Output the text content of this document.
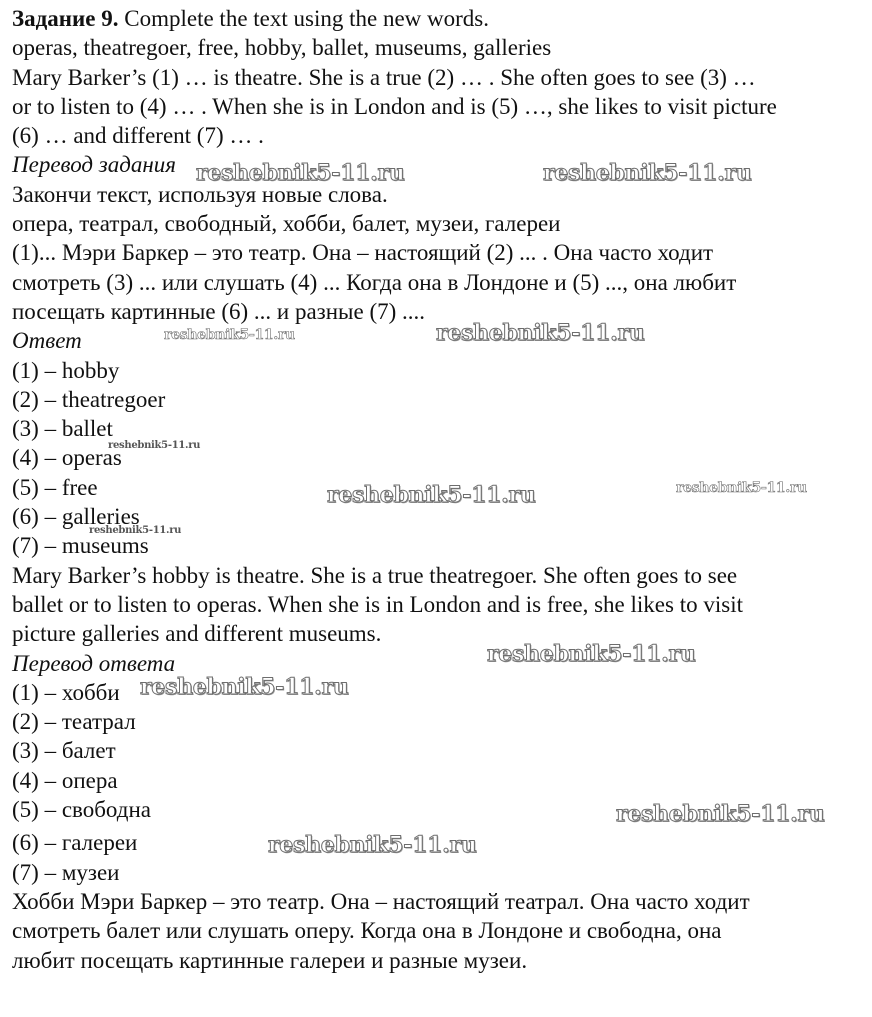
Задание 9. Complete the text using the new words.
operas, theatregoer, free, hobby, ballet, museums, galleries
Mary Barker’s (1) … is theatre. She is a true (2) … . She often goes to see (3) …
or to listen to (4) … . When she is in London and is (5) …, she likes to visit picture
(6) … and different (7) … .
Перевод задания
Закончи текст, используя новые слова.
опера, театрал, свободный, хобби, балет, музеи, галереи
(1)... Мэри Баркер – это театр. Она – настоящий (2) ... . Она часто ходит
смотреть (3) ... или слушать (4) ... Когда она в Лондоне и (5) ..., она любит
посещать картинные (6) ... и разные (7) ....
Ответ
(1) – hobby
(2) – theatregoer
(3) – ballet
(4) – operas
(5) – free
(6) – galleries
(7) – museums
Mary Barker’s hobby is theatre. She is a true theatregoer. She often goes to see
ballet or to listen to operas. When she is in London and is free, she likes to visit
picture galleries and different museums.
Перевод ответа
(1) – хобби
(2) – театрал
(3) – балет
(4) – опера
(5) – свободна
(6) – галереи
(7) – музеи
Хобби Мэри Баркер – это театр. Она – настоящий театрал. Она часто ходит
смотреть балет или слушать оперу. Когда она в Лондоне и свободна, она
любит посещать картинные галереи и разные музеи.
reshebnik5-11.ru	reshebnik5-11.ru
reshebnik5-11.ru	reshebnik5-11.ru
reshebnik5-11.ru
reshebnik5-11.ru	reshebnik5-11.ru
reshebnik5-11.ru
reshebnik5-11.ru
reshebnik5-11.ru
reshebnik5-11.ru
reshebnik5-11.ru
